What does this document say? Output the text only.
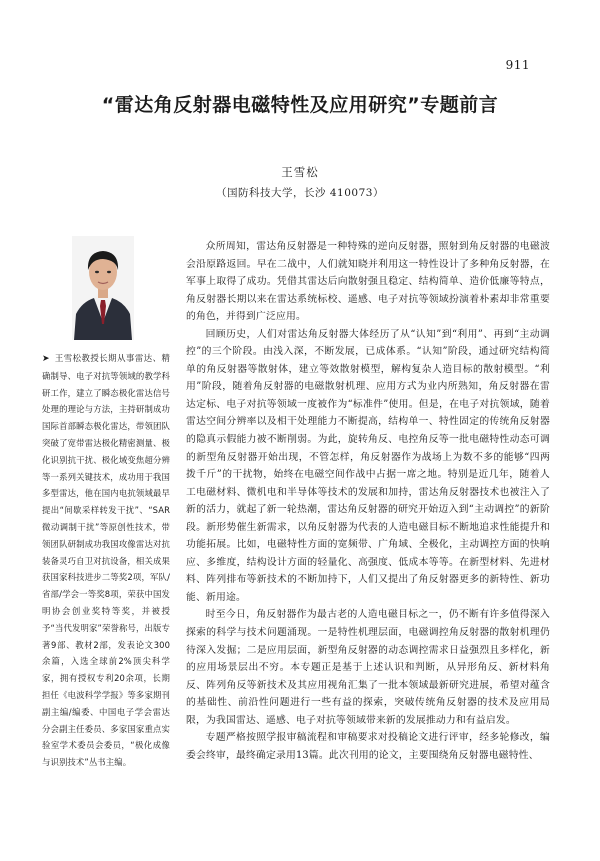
911
“雷达角反射器电磁特性及应用研究”专题前言
王雪松
（国防科技大学，长沙 410073）
➤ 王雪松教授长期从事雷达、精确制导、电子对抗等领域的教学科研工作，建立了瞬态极化雷达信号处理的理论与方法，主持研制成功国际首部瞬态极化雷达，带领团队突破了宽带雷达极化精密测量、极化识别抗干扰、极化域变焦超分辨等一系列关键技术，成功用于我国多型雷达，他在国内电抗领域最早提出“间歇采样转发干扰”、“SAR微动调制干扰”等原创性技术，带领团队研制成功我国攻像雷达对抗装备灵巧自卫对抗设备，相关成果获国家科技进步二等奖2项，军队/省部/学会一等奖8项，荣获中国发明协会创业奖特等奖，并被授予“当代发明家”荣誉称号，出版专著9部、教材2部，发表论文300余篇，入选全球前2%顶尖科学家，拥有授权专利20余项，长期担任《电波科学学报》等多家期刊副主编/编委、中国电子学会雷达分会副主任委员、多家国家重点实验室学术委员会委员，“极化成像与识别技术”丛书主编。

众所周知，雷达角反射器是一种特殊的逆向反射器，照射到角反射器的电磁波会沿原路返回。早在二战中，人们就知晓并利用这一特性设计了多种角反射器，在军事上取得了成功。凭借其雷达后向散射强且稳定、结构简单、造价低廉等特点，角反射器长期以来在雷达系统标校、遥感、电子对抗等领域扮演着朴素却非常重要的角色，并得到广泛应用。

回顾历史，人们对雷达角反射器大体经历了从“认知”到“利用”、再到“主动调控”的三个阶段。由浅入深，不断发展，已成体系。“认知”阶段，通过研究结构简单的角反射器等散射体，建立等效散射模型，解构复杂人造目标的散射模型。“利用”阶段，随着角反射器的电磁散射机理、应用方式为业内所熟知，角反射器在雷达定标、电子对抗等领域一度被作为“标准件”使用。但是，在电子对抗领域，随着雷达空间分辨率以及相干处理能力不断提高，结构单一、特性固定的传统角反射器的隐真示假能力被不断削弱。为此，旋转角反、电控角反等一批电磁特性动态可调的新型角反射器开始出现，不管怎样，角反射器作为战场上为数不多的能够“四两拨千斤”的干扰物，始终在电磁空间作战中占据一席之地。特别是近几年，随着人工电磁材料、微机电和半导体等技术的发展和加持，雷达角反射器技术也被注入了新的活力，就起了新一轮热潮，雷达角反射器的研究开始迈入到“主动调控”的新阶段。新形势催生新需求，以角反射器为代表的人造电磁目标不断地追求性能提升和功能拓展。比如，电磁特性方面的宽频带、广角域、全极化，主动调控方面的快响应、多维度，结构设计方面的轻量化、高强度、低成本等等。在新型材料、先进材料、阵列排布等新技术的不断加持下，人们又提出了角反射器更多的新特性、新功能、新用途。

时至今日，角反射器作为最古老的人造电磁目标之一，仍不断有许多值得深入探索的科学与技术问题涌现。一是特性机理层面，电磁调控角反射器的散射机理仍待深入发掘；二是应用层面，新型角反射器的动态调控需求日益强烈且多样化，新的应用场景层出不穷。本专题正是基于上述认识和判断，从异形角反、新材料角反、阵列角反等新技术及其应用视角汇集了一批本领域最新研究进展，希望对蕴含的基础性、前沿性问题进行一些有益的探索，突破传统角反射器的技术及应用局限，为我国雷达、遥感、电子对抗等领域带来新的发展推动力和有益启发。

专题严格按照学报审稿流程和审稿要求对投稿论文进行评审，经多轮修改，编委会终审，最终确定录用13篇。此次刊用的论文，主要围绕角反射器电磁特性、
